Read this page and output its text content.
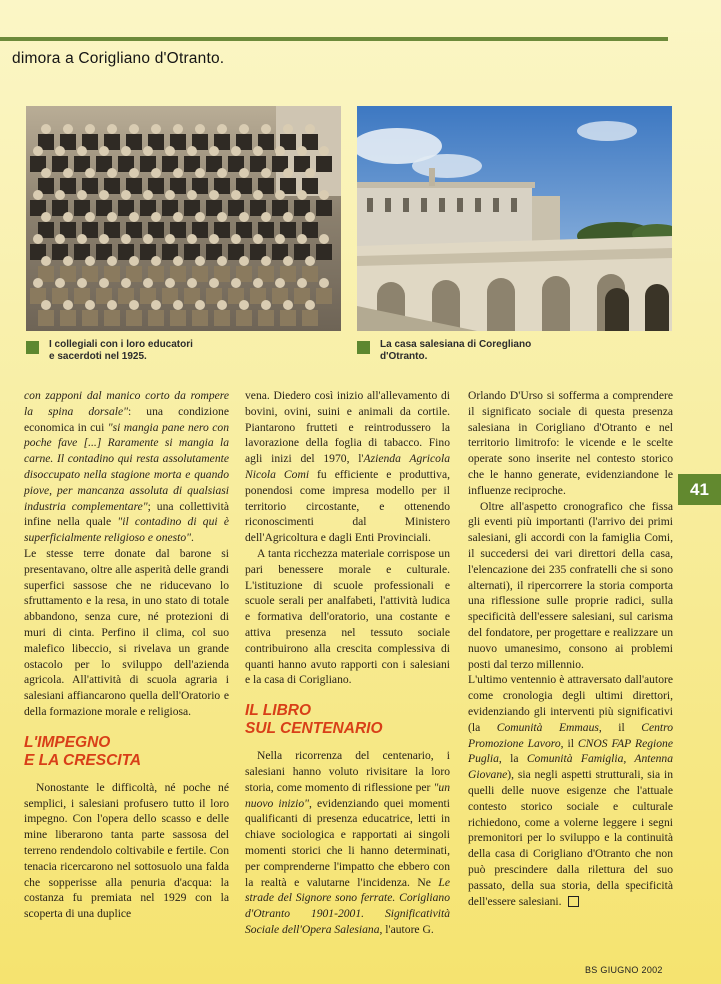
dimora a Corigliano d'Otranto.
I collegiali con i loro educatori
e sacerdoti nel 1925.
La casa salesiana di Coregliano
d'Otranto.

con zapponi dal manico corto da rompere la spina dorsale": una condizione economica in cui "si mangia pane nero con poche fave [...] Raramente si mangia la carne. Il contadino qui resta assolutamente disoccupato nella stagione morta e quando piove, per mancanza assoluta di qualsiasi industria complementare"; una collettività infine nella quale "il contadino di qui è superficialmente religioso e onesto".

Le stesse terre donate dal barone si presentavano, oltre alle asperità delle grandi superfici sassose che ne riducevano lo sfruttamento e la resa, in uno stato di totale abbandono, senza cure, né protezioni di muri di cinta. Perfino il clima, col suo malefico libeccio, si rivelava un grande ostacolo per lo sviluppo dell'azienda agricola. All'attività di scuola agraria i salesiani affiancarono quella dell'Oratorio e della formazione morale e religiosa.

L'IMPEGNO
E LA CRESCITA

Nonostante le difficoltà, né poche né semplici, i salesiani profusero tutto il loro impegno. Con l'opera dello scasso e delle mine liberarono tanta parte sassosa del terreno rendendolo coltivabile e fertile. Con tenacia ricercarono nel sottosuolo una falda che sopperisse alla penuria d'acqua: la costanza fu premiata nel 1929 con la scoperta di una duplice

vena. Diedero così inizio all'allevamento di bovini, ovini, suini e animali da cortile. Piantarono frutteti e reintrodussero la lavorazione della foglia di tabacco. Fino agli inizi del 1970, l'Azienda Agricola Nicola Comi fu efficiente e produttiva, ponendosi come impresa modello per il territorio circostante, e ottenendo riconoscimenti dal Ministero dell'Agricoltura e dagli Enti Provinciali.

A tanta ricchezza materiale corrispose un pari benessere morale e culturale. L'istituzione di scuole professionali e scuole serali per analfabeti, l'attività ludica e formativa dell'oratorio, una costante e attiva presenza nel tessuto sociale contribuirono alla crescita complessiva di quanti hanno avuto rapporti con i salesiani e la casa di Corigliano.

IL LIBRO
SUL CENTENARIO

Nella ricorrenza del centenario, i salesiani hanno voluto rivisitare la loro storia, come momento di riflessione per "un nuovo inizio", evidenziando quei momenti qualificanti di presenza educatrice, letti in chiave sociologica e rapportati ai singoli momenti storici che li hanno determinati, per comprenderne l'impatto che ebbero con la realtà e valutarne l'incidenza. Ne Le strade del Signore sono ferrate. Corigliano d'Otranto 1901-2001. Significatività Sociale dell'Opera Salesiana, l'autore G.

Orlando D'Urso si sofferma a comprendere il significato sociale di questa presenza salesiana in Corigliano d'Otranto e nel territorio limitrofo: le vicende e le scelte operate sono inserite nel contesto storico che le hanno generate, evidenziandone le influenze reciproche.

Oltre all'aspetto cronografico che fissa gli eventi più importanti (l'arrivo dei primi salesiani, gli accordi con la famiglia Comi, il succedersi dei vari direttori della casa, l'elencazione dei 235 confratelli che si sono alternati), il ripercorrere la storia comporta una riflessione sulle proprie radici, sulla specificità dell'essere salesiani, sul carisma del fondatore, per progettare e realizzare un nuovo umanesimo, consono ai problemi posti dal terzo millennio.

L'ultimo ventennio è attraversato dall'autore come cronologia degli ultimi direttori, evidenziando gli interventi più significativi (la Comunità Emmaus, il Centro Promozione Lavoro, il CNOS FAP Regione Puglia, la Comunità Famiglia, Antenna Giovane), sia negli aspetti strutturali, sia in quelli delle nuove esigenze che l'attuale contesto storico sociale e culturale richiedono, come a volerne leggere i segni premonitori per lo sviluppo e la continuità della casa di Corigliano d'Otranto che non può prescindere dalla rilettura del suo passato, della sua storia, della specificità dell'essere salesiani.

41
BS GIUGNO 2002
